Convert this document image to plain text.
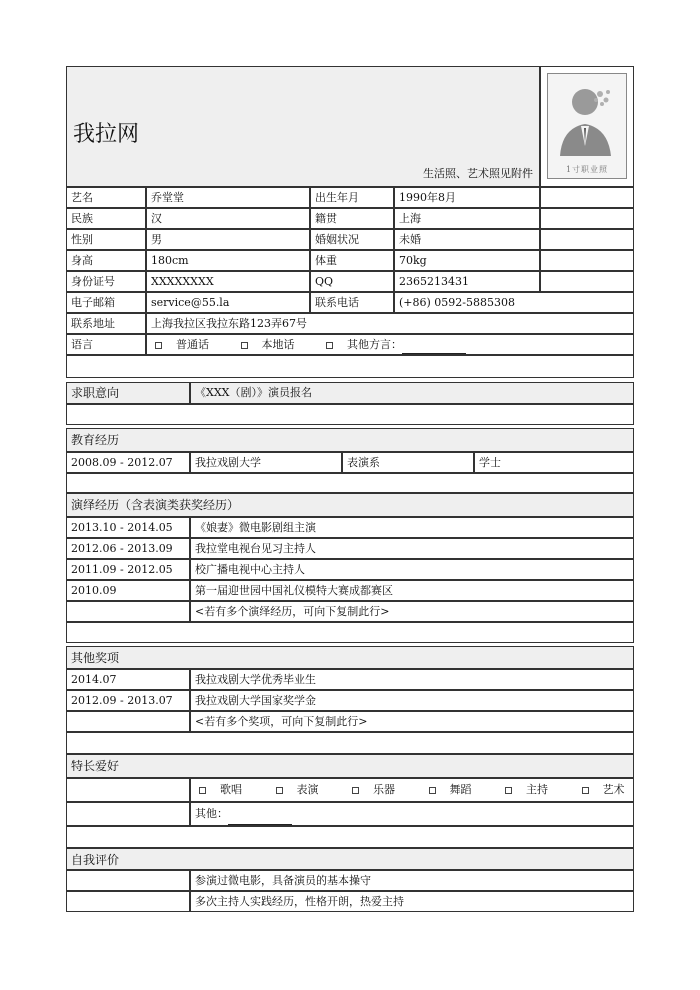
我拉网
生活照、艺术照见附件	1寸职业照
艺名	乔堂堂	出生年月	1990年8月
民族	汉	籍贯	上海
性别	男	婚姻状况	未婚
身高	180cm	体重	70kg
身份证号	XXXXXXXX	QQ	2365213431
电子邮箱	service@55.la	联系电话	(+86) 0592-5885308
联系地址	上海我拉区我拉东路123弄67号
语言	普通话	本地话	其他方言：
求职意向	《XXX（剧）》演员报名
教育经历
2008.09 - 2012.07	我拉戏剧大学	表演系	学士
演绎经历（含表演类获奖经历）
2013.10 - 2014.05	《娘妻》微电影剧组主演
2012.06 - 2013.09	我拉堂电视台见习主持人
2011.09 - 2012.05	校广播电视中心主持人
2010.09	第一届迎世园中国礼仪模特大赛成都赛区
<若有多个演绎经历，可向下复制此行>
其他奖项
2014.07	我拉戏剧大学优秀毕业生
2012.09 - 2013.07	我拉戏剧大学国家奖学金
<若有多个奖项，可向下复制此行>
特长爱好
歌唱	表演	乐器	舞蹈	主持	艺术
其他：
自我评价
参演过微电影，具备演员的基本操守
多次主持人实践经历，性格开朗，热爱主持
